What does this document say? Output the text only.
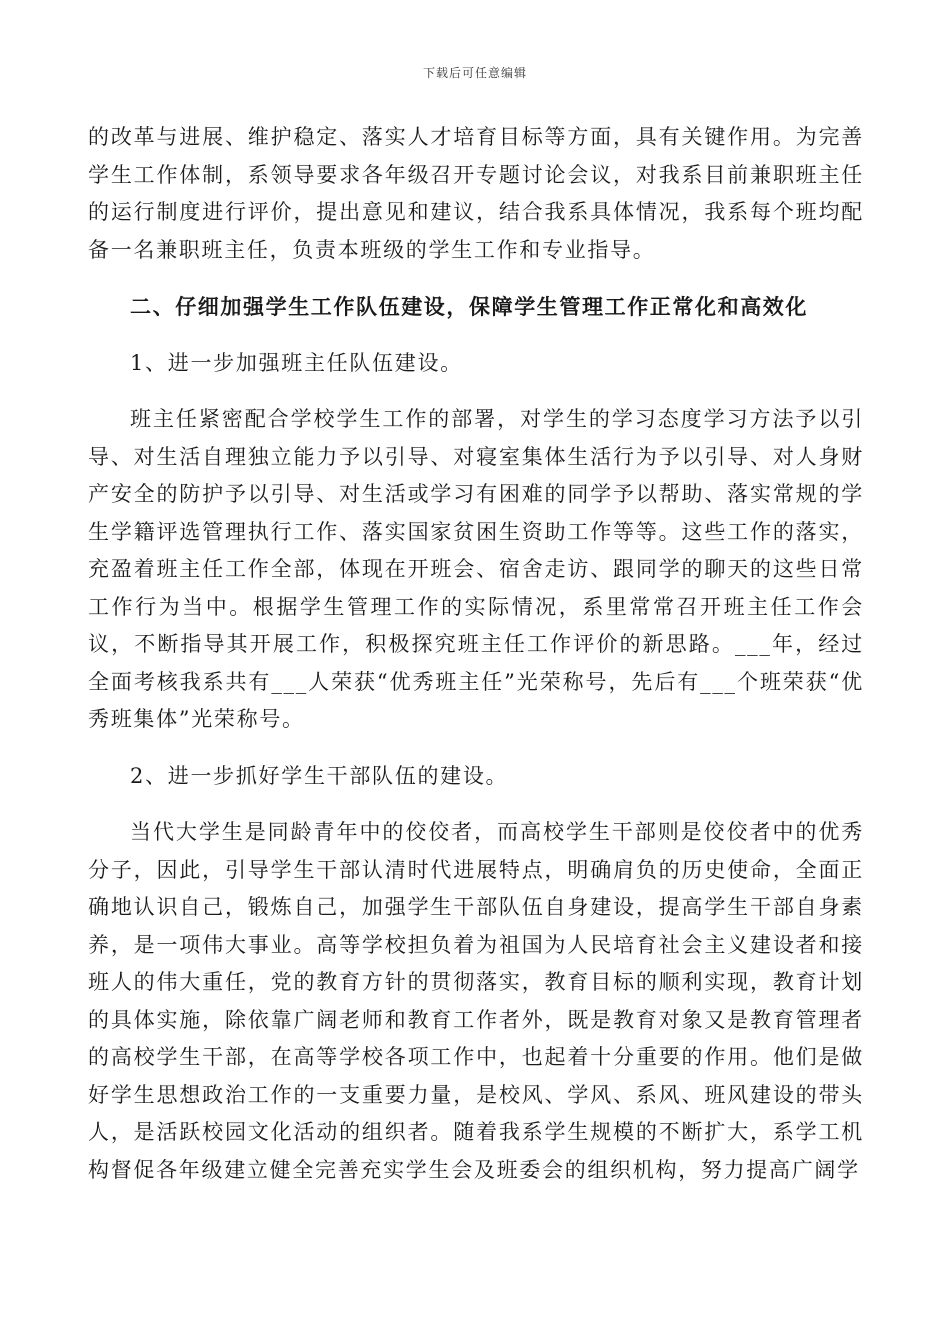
下载后可任意编辑

的改革与进展、维护稳定、落实人才培育目标等方面，具有关键作用。为完善学生工作体制，系领导要求各年级召开专题讨论会议，对我系目前兼职班主任的运行制度进行评价，提出意见和建议，结合我系具体情况，我系每个班均配备一名兼职班主任，负责本班级的学生工作和专业指导。

二、仔细加强学生工作队伍建设，保障学生管理工作正常化和高效化

1、进一步加强班主任队伍建设。

班主任紧密配合学校学生工作的部署，对学生的学习态度学习方法予以引导、对生活自理独立能力予以引导、对寝室集体生活行为予以引导、对人身财产安全的防护予以引导、对生活或学习有困难的同学予以帮助、落实常规的学生学籍评选管理执行工作、落实国家贫困生资助工作等等。这些工作的落实，充盈着班主任工作全部，体现在开班会、宿舍走访、跟同学的聊天的这些日常工作行为当中。根据学生管理工作的实际情况，系里常常召开班主任工作会议，不断指导其开展工作，积极探究班主任工作评价的新思路。___年，经过全面考核我系共有___人荣获“优秀班主任”光荣称号，先后有___个班荣获“优秀班集体”光荣称号。

2、进一步抓好学生干部队伍的建设。

当代大学生是同龄青年中的佼佼者，而高校学生干部则是佼佼者中的优秀分子，因此，引导学生干部认清时代进展特点，明确肩负的历史使命，全面正确地认识自己，锻炼自己，加强学生干部队伍自身建设，提高学生干部自身素养，是一项伟大事业。高等学校担负着为祖国为人民培育社会主义建设者和接班人的伟大重任，党的教育方针的贯彻落实，教育目标的顺利实现，教育计划的具体实施，除依靠广阔老师和教育工作者外，既是教育对象又是教育管理者的高校学生干部，在高等学校各项工作中，也起着十分重要的作用。他们是做好学生思想政治工作的一支重要力量，是校风、学风、系风、班风建设的带头人，是活跃校园文化活动的组织者。随着我系学生规模的不断扩大，系学工机构督促各年级建立健全完善充实学生会及班委会的组织机构，努力提高广阔学
